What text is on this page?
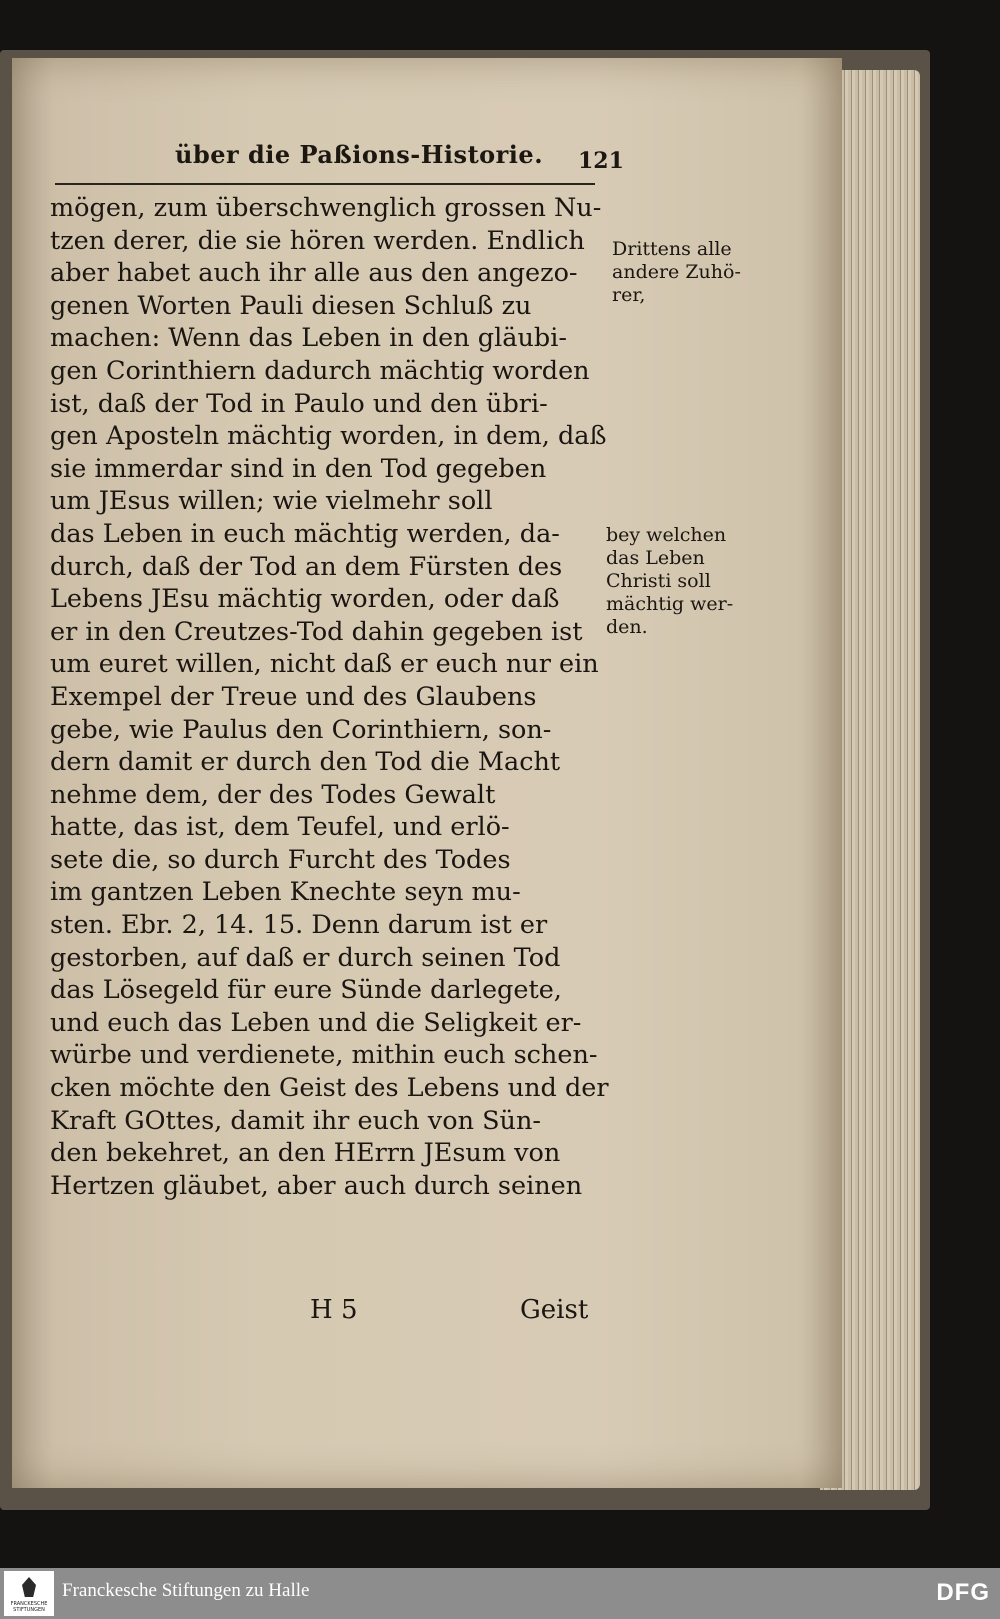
über die Paßions-Historie. 121
mögen, zum überschwenglich grossen Nu-
tzen derer, die sie hören werden. Endlich
aber habet auch ihr alle aus den angezo-
genen Worten Pauli diesen Schluß zu
machen: Wenn das Leben in den gläubi-
gen Corinthiern dadurch mächtig worden
ist, daß der Tod in Paulo und den übri-
gen Aposteln mächtig worden, in dem, daß
sie immerdar sind in den Tod gegeben
um JEsus willen; wie vielmehr soll
das Leben in euch mächtig werden, da-
durch, daß der Tod an dem Fürsten des
Lebens JEsu mächtig worden, oder daß
er in den Creutzes-Tod dahin gegeben ist
um euret willen, nicht daß er euch nur ein
Exempel der Treue und des Glaubens
gebe, wie Paulus den Corinthiern, son-
dern damit er durch den Tod die Macht
nehme dem, der des Todes Gewalt
hatte, das ist, dem Teufel, und erlö-
sete die, so durch Furcht des Todes
im gantzen Leben Knechte seyn mu-
sten. Ebr. 2, 14. 15. Denn darum ist er
gestorben, auf daß er durch seinen Tod
das Lösegeld für eure Sünde darlegete,
und euch das Leben und die Seligkeit er-
würbe und verdienete, mithin euch schen-
cken möchte den Geist des Lebens und der
Kraft GOttes, damit ihr euch von Sün-
den bekehret, an den HErrn JEsum von
Hertzen gläubet, aber auch durch seinen
Drittens alle
andere Zuhö-
rer,
bey welchen
das Leben
Christi soll
mächtig wer-
den.
H 5	Geist
FRANCKESCHE STIFTUNGEN
Franckesche Stiftungen zu Halle	DFG
